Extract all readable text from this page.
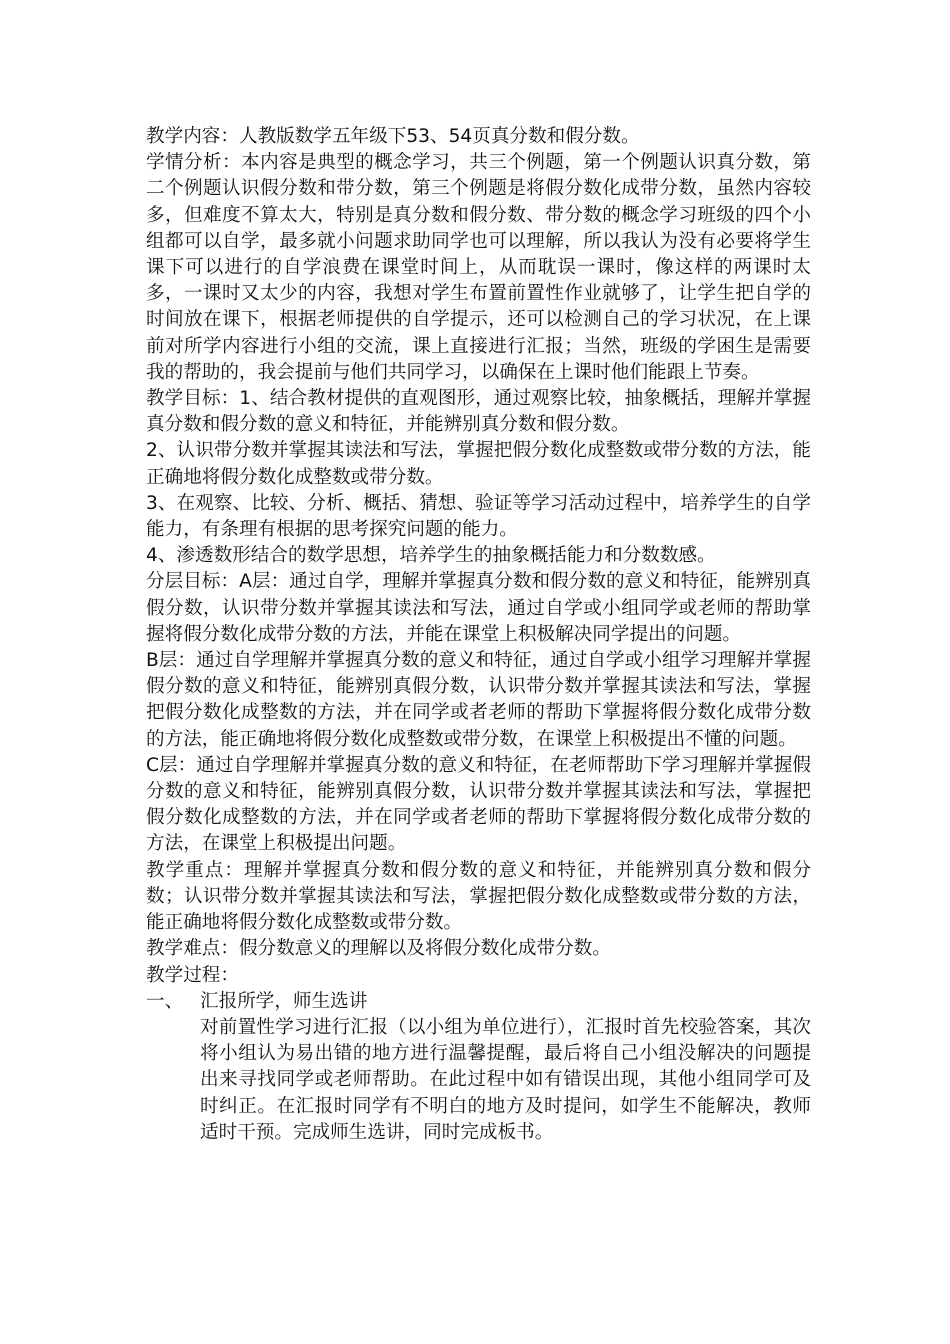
教学内容：人教版数学五年级下53、54页真分数和假分数。

学情分析：本内容是典型的概念学习，共三个例题，第一个例题认识真分数，第二个例题认识假分数和带分数，第三个例题是将假分数化成带分数，虽然内容较多，但难度不算太大，特别是真分数和假分数、带分数的概念学习班级的四个小组都可以自学，最多就小问题求助同学也可以理解，所以我认为没有必要将学生课下可以进行的自学浪费在课堂时间上，从而耽误一课时，像这样的两课时太多，一课时又太少的内容，我想对学生布置前置性作业就够了，让学生把自学的时间放在课下，根据老师提供的自学提示，还可以检测自己的学习状况，在上课前对所学内容进行小组的交流，课上直接进行汇报；当然，班级的学困生是需要我的帮助的，我会提前与他们共同学习，以确保在上课时他们能跟上节奏。

教学目标：1、结合教材提供的直观图形，通过观察比较，抽象概括，理解并掌握真分数和假分数的意义和特征，并能辨别真分数和假分数。

2、认识带分数并掌握其读法和写法，掌握把假分数化成整数或带分数的方法，能正确地将假分数化成整数或带分数。

3、在观察、比较、分析、概括、猜想、验证等学习活动过程中，培养学生的自学能力，有条理有根据的思考探究问题的能力。

4、渗透数形结合的数学思想，培养学生的抽象概括能力和分数数感。

分层目标：A层：通过自学，理解并掌握真分数和假分数的意义和特征，能辨别真假分数，认识带分数并掌握其读法和写法，通过自学或小组同学或老师的帮助掌握将假分数化成带分数的方法，并能在课堂上积极解决同学提出的问题。

B层：通过自学理解并掌握真分数的意义和特征，通过自学或小组学习理解并掌握假分数的意义和特征，能辨别真假分数，认识带分数并掌握其读法和写法，掌握把假分数化成整数的方法，并在同学或者老师的帮助下掌握将假分数化成带分数的方法，能正确地将假分数化成整数或带分数，在课堂上积极提出不懂的问题。

C层：通过自学理解并掌握真分数的意义和特征，在老师帮助下学习理解并掌握假分数的意义和特征，能辨别真假分数，认识带分数并掌握其读法和写法，掌握把假分数化成整数的方法，并在同学或者老师的帮助下掌握将假分数化成带分数的方法，在课堂上积极提出问题。

教学重点：理解并掌握真分数和假分数的意义和特征，并能辨别真分数和假分数；认识带分数并掌握其读法和写法，掌握把假分数化成整数或带分数的方法，能正确地将假分数化成整数或带分数。

教学难点：假分数意义的理解以及将假分数化成带分数。

教学过程：

一、 汇报所学，师生选讲

对前置性学习进行汇报（以小组为单位进行），汇报时首先校验答案，其次将小组认为易出错的地方进行温馨提醒，最后将自己小组没解决的问题提出来寻找同学或老师帮助。在此过程中如有错误出现，其他小组同学可及时纠正。在汇报时同学有不明白的地方及时提问，如学生不能解决，教师适时干预。完成师生选讲，同时完成板书。
